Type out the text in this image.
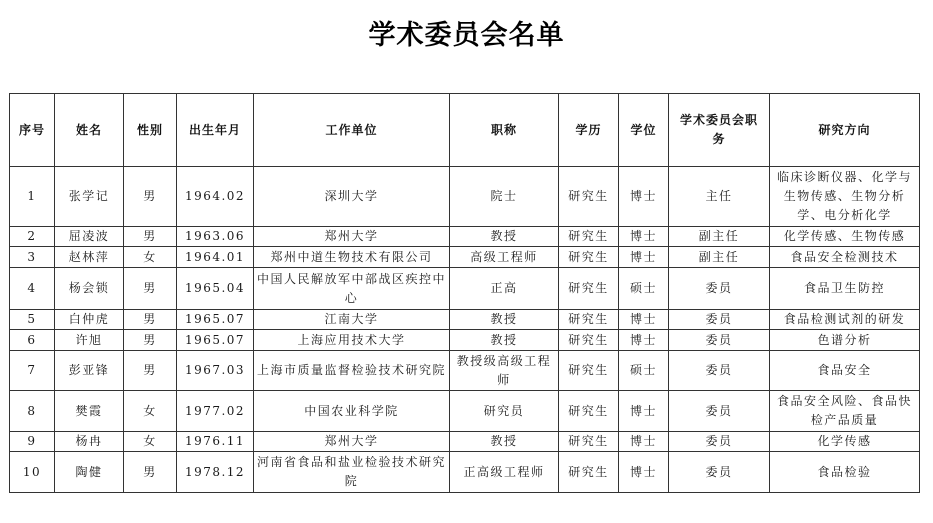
学术委员会名单
序号	姓名	性别	出生年月	工作单位	职称	学历	学位	学术委员会职务	研究方向
1	张学记	男	1964.02	深圳大学	院士	研究生	博士	主任	临床诊断仪器、化学与生物传感、生物分析学、电分析化学
2	屈凌波	男	1963.06	郑州大学	教授	研究生	博士	副主任	化学传感、生物传感
3	赵林萍	女	1964.01	郑州中道生物技术有限公司	高级工程师	研究生	博士	副主任	食品安全检测技术
4	杨会锁	男	1965.04	中国人民解放军中部战区疾控中心	正高	研究生	硕士	委员	食品卫生防控
5	白仲虎	男	1965.07	江南大学	教授	研究生	博士	委员	食品检测试剂的研发
6	许旭	男	1965.07	上海应用技术大学	教授	研究生	博士	委员	色谱分析
7	彭亚锋	男	1967.03	上海市质量监督检验技术研究院	教授级高级工程师	研究生	硕士	委员	食品安全
8	樊霞	女	1977.02	中国农业科学院	研究员	研究生	博士	委员	食品安全风险、食品快检产品质量
9	杨冉	女	1976.11	郑州大学	教授	研究生	博士	委员	化学传感
10	陶健	男	1978.12	河南省食品和盐业检验技术研究院	正高级工程师	研究生	博士	委员	食品检验
